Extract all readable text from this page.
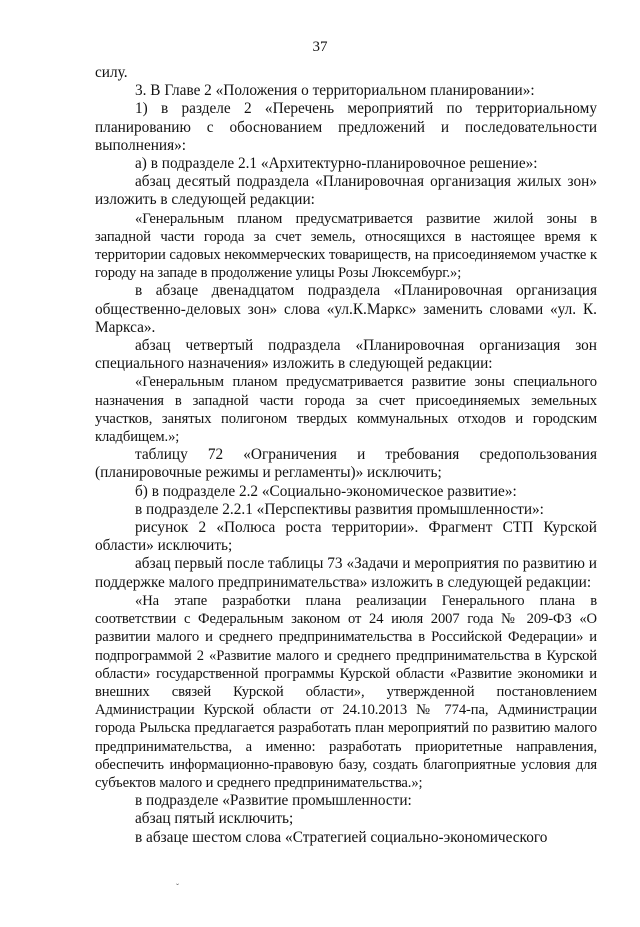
37

силу.

3. В Главе 2 «Положения о территориальном планировании»:

1) в разделе 2 «Перечень мероприятий по территориальному планированию с обоснованием предложений и последовательности выполнения»:

а) в подразделе 2.1 «Архитектурно-планировочное решение»:

абзац десятый подраздела «Планировочная организация жилых зон» изложить в следующей редакции:

«Генеральным планом предусматривается развитие жилой зоны в западной части города за счет земель, относящихся в настоящее время к территории садовых некоммерческих товариществ, на присоединяемом участке к городу на западе в продолжение улицы Розы Люксембург.»;

в абзаце двенадцатом подраздела «Планировочная организация общественно-деловых зон» слова «ул.К.Маркс» заменить словами «ул. К. Маркса».

абзац четвертый подраздела «Планировочная организация зон специального назначения» изложить в следующей редакции:

«Генеральным планом предусматривается развитие зоны специального назначения в западной части города за счет присоединяемых земельных участков, занятых полигоном твердых коммунальных отходов и городским кладбищем.»;

таблицу 72 «Ограничения и требования средопользования (планировочные режимы и регламенты)» исключить;

б) в подразделе 2.2 «Социально-экономическое развитие»:

в подразделе 2.2.1 «Перспективы развития промышленности»:

рисунок 2 «Полюса роста территории». Фрагмент СТП Курской области» исключить;

абзац первый после таблицы 73 «Задачи и мероприятия по развитию и поддержке малого предпринимательства» изложить в следующей редакции:

«На этапе разработки плана реализации Генерального плана в соответствии с Федеральным законом от 24 июля 2007 года № 209-ФЗ «О развитии малого и среднего предпринимательства в Российской Федерации» и подпрограммой 2 «Развитие малого и среднего предпринимательства в Курской области» государственной программы Курской области «Развитие экономики и внешних связей Курской области», утвержденной постановлением Администрации Курской области от 24.10.2013 № 774-па, Администрации города Рыльска предлагается разработать план мероприятий по развитию малого предпринимательства, а именно: разработать приоритетные направления, обеспечить информационно-правовую базу, создать благоприятные условия для субъектов малого и среднего предпринимательства.»;

в подразделе «Развитие промышленности:

абзац пятый исключить;

в абзаце шестом слова «Стратегией социально-экономического

ˇ
